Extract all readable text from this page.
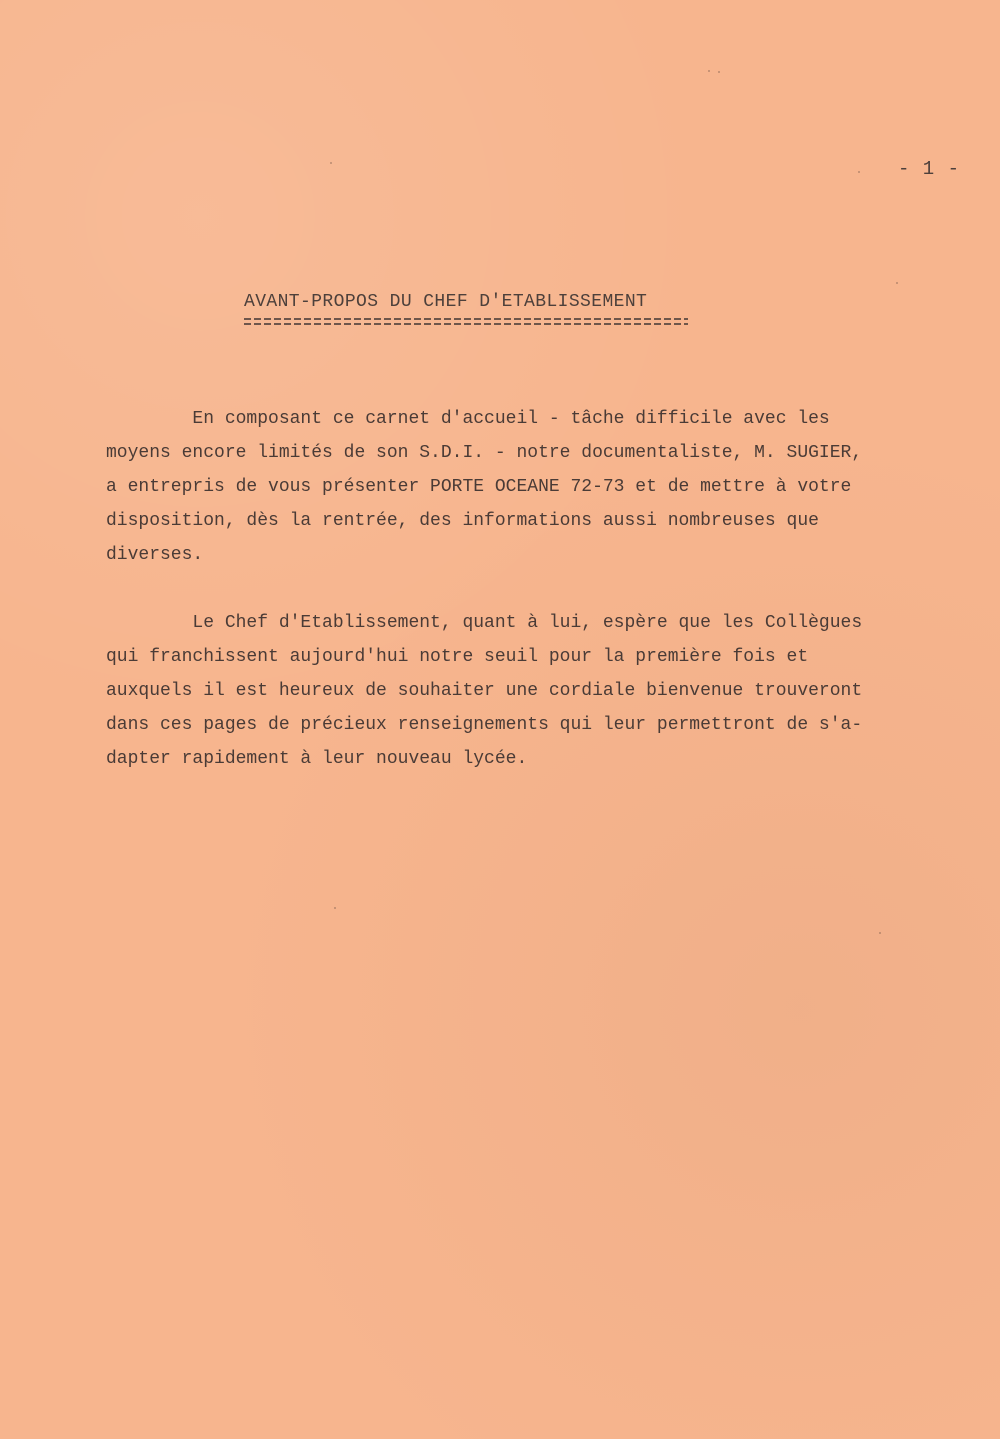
- 1 -
AVANT-PROPOS DU CHEF D'ETABLISSEMENT
En composant ce carnet d'accueil - tâche difficile avec les
moyens encore limités de son S.D.I. - notre documentaliste, M. SUGIER,
a entrepris de vous présenter PORTE OCEANE 72-73 et de mettre à votre
disposition, dès la rentrée, des informations aussi nombreuses que
diverses.
Le Chef d'Etablissement, quant à lui, espère que les Collègues
qui franchissent aujourd'hui notre seuil pour la première fois et
auxquels il est heureux de souhaiter une cordiale bienvenue trouveront
dans ces pages de précieux renseignements qui leur permettront de s'a-
dapter rapidement à leur nouveau lycée.
